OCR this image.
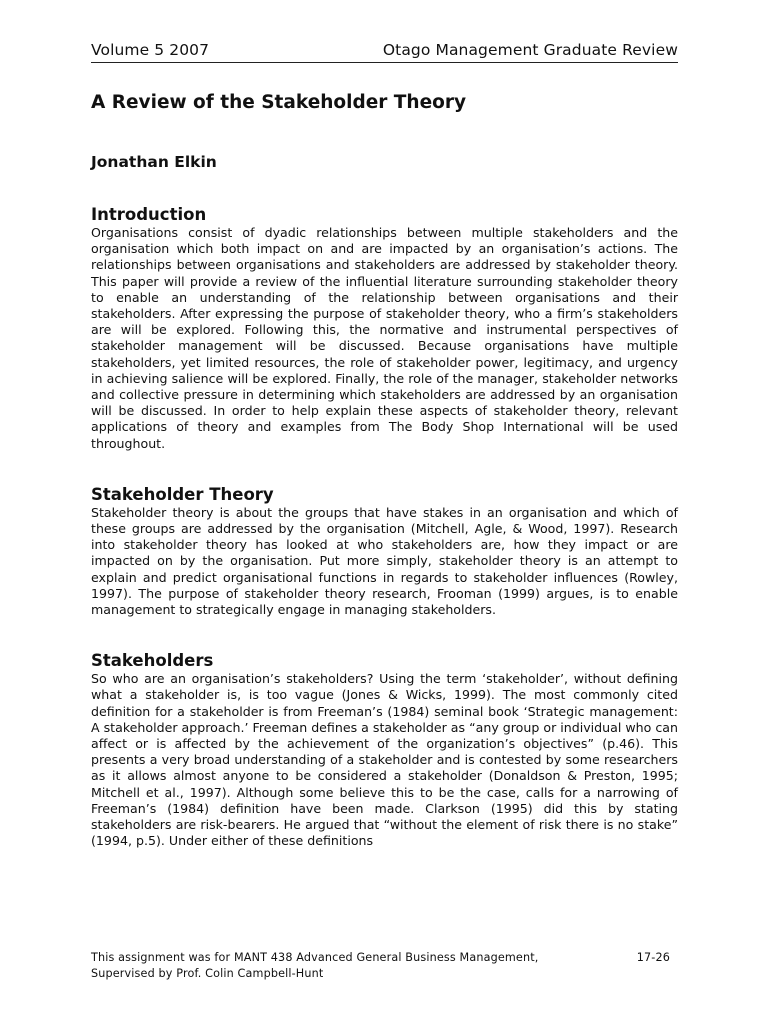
Volume 5 2007	Otago Management Graduate Review
A Review of the Stakeholder Theory
Jonathan Elkin
Introduction

Organisations consist of dyadic relationships between multiple stakeholders and the organisation which both impact on and are impacted by an organisation’s actions. The relationships between organisations and stakeholders are addressed by stakeholder theory. This paper will provide a review of the influential literature surrounding stakeholder theory to enable an understanding of the relationship between organisations and their stakeholders. After expressing the purpose of stakeholder theory, who a firm’s stakeholders are will be explored. Following this, the normative and instrumental perspectives of stakeholder management will be discussed. Because organisations have multiple stakeholders, yet limited resources, the role of stakeholder power, legitimacy, and urgency in achieving salience will be explored. Finally, the role of the manager, stakeholder networks and collective pressure in determining which stakeholders are addressed by an organisation will be discussed. In order to help explain these aspects of stakeholder theory, relevant applications of theory and examples from The Body Shop International will be used throughout.

Stakeholder Theory

Stakeholder theory is about the groups that have stakes in an organisation and which of these groups are addressed by the organisation (Mitchell, Agle, & Wood, 1997). Research into stakeholder theory has looked at who stakeholders are, how they impact or are impacted on by the organisation. Put more simply, stakeholder theory is an attempt to explain and predict organisational functions in regards to stakeholder influences (Rowley, 1997). The purpose of stakeholder theory research, Frooman (1999) argues, is to enable management to strategically engage in managing stakeholders.

Stakeholders

So who are an organisation’s stakeholders? Using the term ‘stakeholder’, without defining what a stakeholder is, is too vague (Jones & Wicks, 1999). The most commonly cited definition for a stakeholder is from Freeman’s (1984) seminal book ‘Strategic management: A stakeholder approach.’ Freeman defines a stakeholder as “any group or individual who can affect or is affected by the achievement of the organization’s objectives” (p.46). This presents a very broad understanding of a stakeholder and is contested by some researchers as it allows almost anyone to be considered a stakeholder (Donaldson & Preston, 1995; Mitchell et al., 1997). Although some believe this to be the case, calls for a narrowing of Freeman’s (1984) definition have been made. Clarkson (1995) did this by stating stakeholders are risk-bearers. He argued that “without the element of risk there is no stake” (1994, p.5). Under either of these definitions

This assignment was for MANT 438 Advanced General Business Management,	17-26
Supervised by Prof. Colin Campbell-Hunt
